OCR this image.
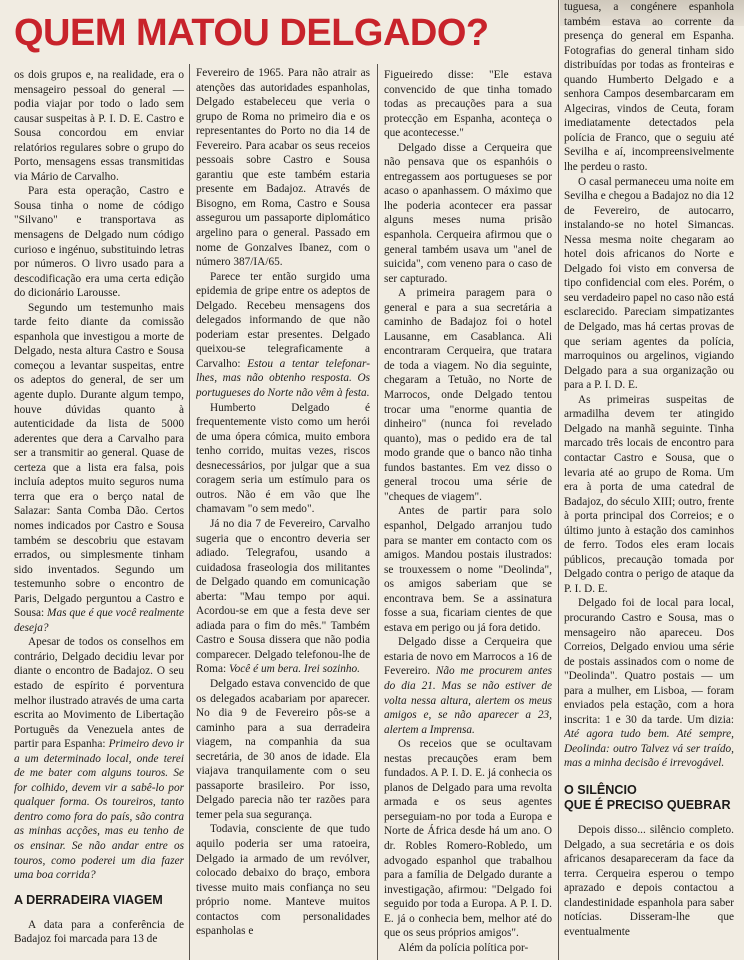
QUEM MATOU DELGADO?

os dois grupos e, na realidade, era o mensageiro pessoal do general — podia viajar por todo o lado sem causar suspeitas à P. I. D. E. Castro e Sousa concordou em enviar relatórios regulares sobre o grupo do Porto, mensagens essas transmitidas via Mário de Carvalho.

Para esta operação, Castro e Sousa tinha o nome de código "Silvano" e transportava as mensagens de Delgado num código curioso e ingénuo, substituindo letras por números. O livro usado para a descodificação era uma certa edição do dicionário Larousse.

Segundo um testemunho mais tarde feito diante da comissão espanhola que investigou a morte de Delgado, nesta altura Castro e Sousa começou a levantar suspeitas, entre os adeptos do general, de ser um agente duplo. Durante algum tempo, houve dúvidas quanto à autenticidade da lista de 5000 aderentes que dera a Carvalho para ser a transmitir ao general. Quase de certeza que a lista era falsa, pois incluía adeptos muito seguros numa terra que era o berço natal de Salazar: Santa Comba Dão. Certos nomes indicados por Castro e Sousa também se descobriu que estavam errados, ou simplesmente tinham sido inventados. Segundo um testemunho sobre o encontro de Paris, Delgado perguntou a Castro e Sousa: Mas que é que você realmente deseja?

Apesar de todos os conselhos em contrário, Delgado decidiu levar por diante o encontro de Badajoz. O seu estado de espírito é porventura melhor ilustrado através de uma carta escrita ao Movimento de Libertação Português da Venezuela antes de partir para Espanha: Primeiro devo ir a um determinado local, onde terei de me bater com alguns touros. Se for colhido, devem vir a sabê-lo por qualquer forma. Os toureiros, tanto dentro como fora do país, são contra as minhas acções, mas eu tenho de os ensinar. Se não andar entre os touros, como poderei um dia fazer uma boa corrida?

A DERRADEIRA VIAGEM

A data para a conferência de Badajoz foi marcada para 13 de

Fevereiro de 1965. Para não atrair as atenções das autoridades espanholas, Delgado estabeleceu que veria o grupo de Roma no primeiro dia e os representantes do Porto no dia 14 de Fevereiro. Para acabar os seus receios pessoais sobre Castro e Sousa garantiu que este também estaria presente em Badajoz. Através de Bisogno, em Roma, Castro e Sousa assegurou um passaporte diplomático argelino para o general. Passado em nome de Gonzalves Ibanez, com o número 387/IA/65.

Parece ter então surgido uma epidemia de gripe entre os adeptos de Delgado. Recebeu mensagens dos delegados informando de que não poderiam estar presentes. Delgado queixou-se telegraficamente a Carvalho: Estou a tentar telefonar-lhes, mas não obtenho resposta. Os portugueses do Norte não vêm à festa.

Humberto Delgado é frequentemente visto como um herói de uma ópera cómica, muito embora tenho corrido, muitas vezes, riscos desnecessários, por julgar que a sua coragem seria um estímulo para os outros. Não é em vão que lhe chamavam "o sem medo".

Já no dia 7 de Fevereiro, Carvalho sugeria que o encontro deveria ser adiado. Telegrafou, usando a cuidadosa fraseologia dos militantes de Delgado quando em comunicação aberta: "Mau tempo por aqui. Acordou-se em que a festa deve ser adiada para o fim do mês." Também Castro e Sousa dissera que não podia comparecer. Delgado telefonou-lhe de Roma: Você é um bera. Irei sozinho.

Delgado estava convencido de que os delegados acabariam por aparecer. No dia 9 de Fevereiro pôs-se a caminho para a sua derradeira viagem, na companhia da sua secretária, de 30 anos de idade. Ela viajava tranquilamente com o seu passaporte brasileiro. Por isso, Delgado parecia não ter razões para temer pela sua segurança.

Todavia, consciente de que tudo aquilo poderia ser uma ratoeira, Delgado ia armado de um revólver, colocado debaixo do braço, embora tivesse muito mais confiança no seu próprio nome. Manteve muitos contactos com personalidades espanholas e

Figueiredo disse: "Ele estava convencido de que tinha tomado todas as precauções para a sua protecção em Espanha, aconteça o que acontecesse."

Delgado disse a Cerqueira que não pensava que os espanhóis o entregassem aos portugueses se por acaso o apanhassem. O máximo que lhe poderia acontecer era passar alguns meses numa prisão espanhola. Cerqueira afirmou que o general também usava um "anel de suicida", com veneno para o caso de ser capturado.

A primeira paragem para o general e para a sua secretária a caminho de Badajoz foi o hotel Lausanne, em Casablanca. Ali encontraram Cerqueira, que tratara de toda a viagem. No dia seguinte, chegaram a Tetuão, no Norte de Marrocos, onde Delgado tentou trocar uma "enorme quantia de dinheiro" (nunca foi revelado quanto), mas o pedido era de tal modo grande que o banco não tinha fundos bastantes. Em vez disso o general trocou uma série de "cheques de viagem".

Antes de partir para solo espanhol, Delgado arranjou tudo para se manter em contacto com os amigos. Mandou postais ilustrados: se trouxessem o nome "Deolinda", os amigos saberiam que se encontrava bem. Se a assinatura fosse a sua, ficariam cientes de que estava em perigo ou já fora detido.

Delgado disse a Cerqueira que estaria de novo em Marrocos a 16 de Fevereiro. Não me procurem antes do dia 21. Mas se não estiver de volta nessa altura, alertem os meus amigos e, se não aparecer a 23, alertem a Imprensa.

Os receios que se ocultavam nestas precauções eram bem fundados. A P. I. D. E. já conhecia os planos de Delgado para uma revolta armada e os seus agentes perseguiam-no por toda a Europa e Norte de África desde há um ano. O dr. Robles Romero-Robledo, um advogado espanhol que trabalhou para a família de Delgado durante a investigação, afirmou: "Delgado foi seguido por toda a Europa. A P. I. D. E. já o conhecia bem, melhor até do que os seus próprios amigos".

Além da polícia política por-

tuguesa, a congénere espanhola também estava ao corrente da presença do general em Espanha. Fotografias do general tinham sido distribuídas por todas as fronteiras e quando Humberto Delgado e a senhora Campos desembarcaram em Algeciras, vindos de Ceuta, foram imediatamente detectados pela polícia de Franco, que o seguiu até Sevilha e aí, incompreensivelmente lhe perdeu o rasto.

O casal permaneceu uma noite em Sevilha e chegou a Badajoz no dia 12 de Fevereiro, de autocarro, instalando-se no hotel Simancas. Nessa mesma noite chegaram ao hotel dois africanos do Norte e Delgado foi visto em conversa de tipo confidencial com eles. Porém, o seu verdadeiro papel no caso não está esclarecido. Pareciam simpatizantes de Delgado, mas há certas provas de que seriam agentes da polícia, marroquinos ou argelinos, vigiando Delgado para a sua organização ou para a P. I. D. E.

As primeiras suspeitas de armadilha devem ter atingido Delgado na manhã seguinte. Tinha marcado três locais de encontro para contactar Castro e Sousa, que o levaria até ao grupo de Roma. Um era à porta de uma catedral de Badajoz, do século XIII; outro, frente à porta principal dos Correios; e o último junto à estação dos caminhos de ferro. Todos eles eram locais públicos, precaução tomada por Delgado contra o perigo de ataque da P. I. D. E.

Delgado foi de local para local, procurando Castro e Sousa, mas o mensageiro não apareceu. Dos Correios, Delgado enviou uma série de postais assinados com o nome de "Deolinda". Quatro postais — um para a mulher, em Lisboa, — foram enviados pela estação, com a hora inscrita: 1 e 30 da tarde. Um dizia: Até agora tudo bem. Até sempre, Deolinda: outro Talvez vá ser traído, mas a minha decisão é irrevogável.

O SILÊNCIO
QUE É PRECISO QUEBRAR

Depois disso... silêncio completo. Delgado, a sua secretária e os dois africanos desapareceram da face da terra. Cerqueira esperou o tempo aprazado e depois contactou a clandestinidade espanhola para saber notícias. Disseram-lhe que eventualmente
